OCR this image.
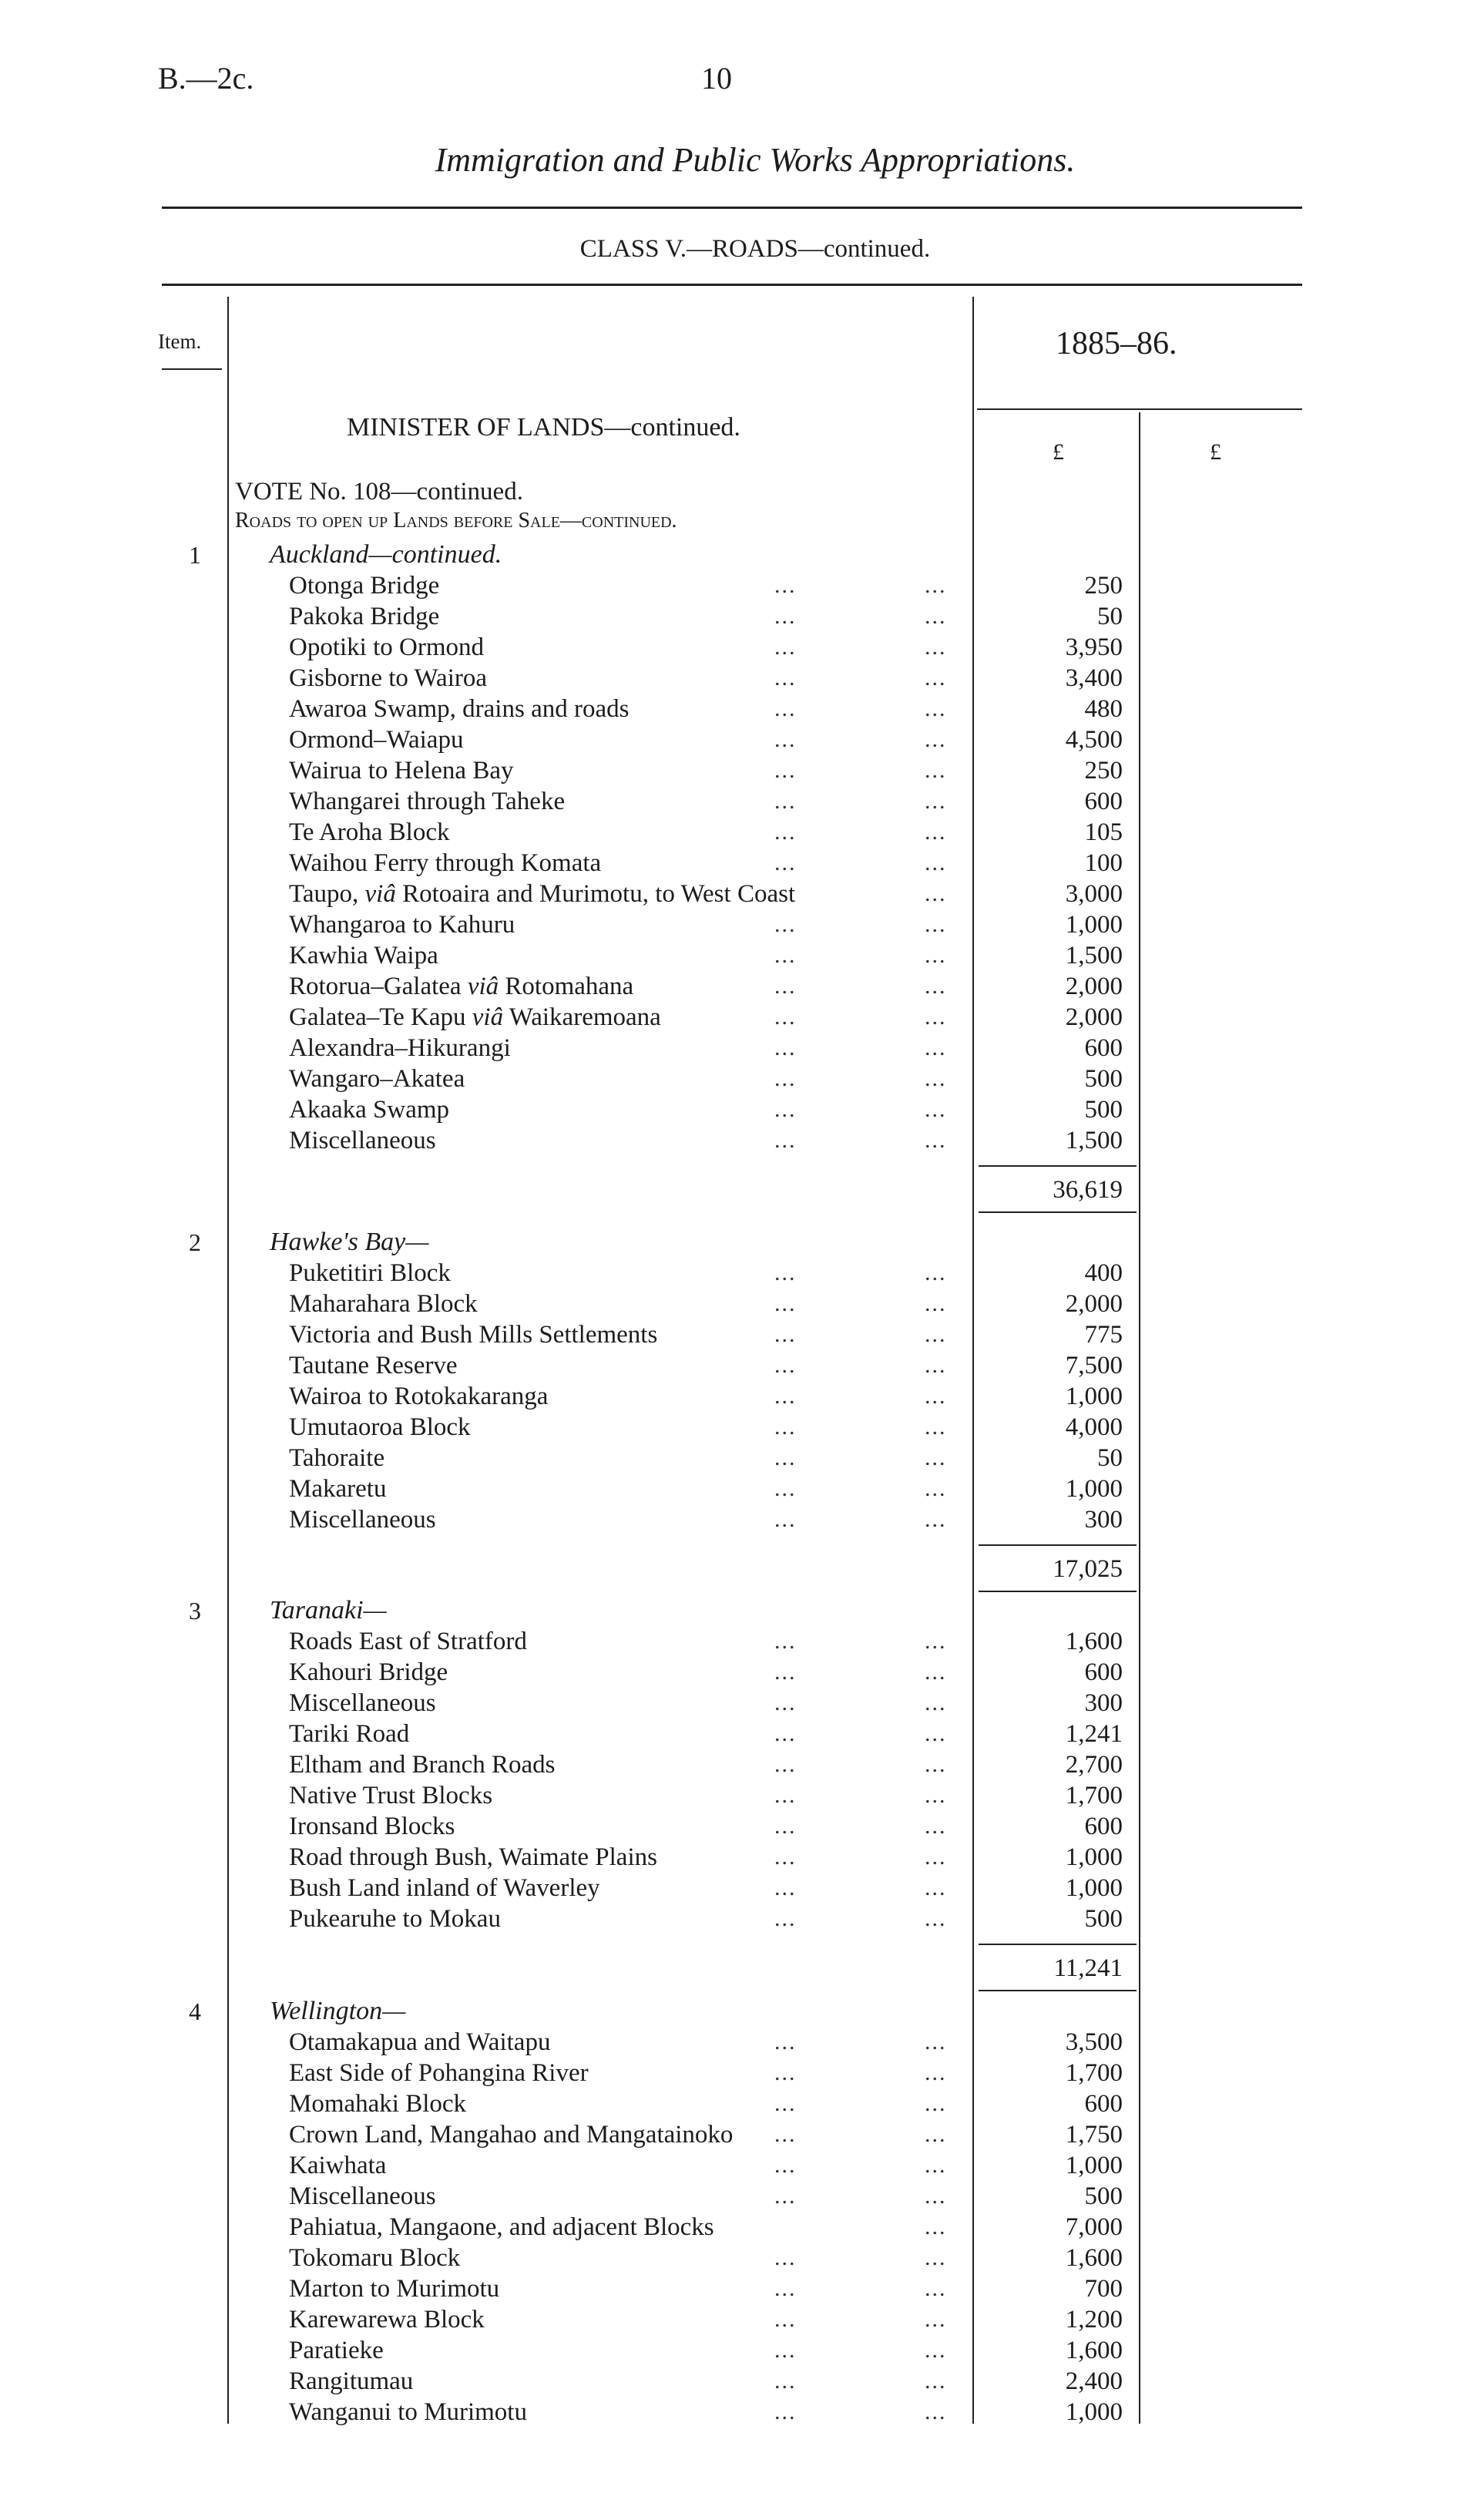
B.—2c.	10
Immigration and Public Works Appropriations.
CLASS V.—ROADS—continued.
Item.	1885–86.
£	£
MINISTER OF LANDS—continued.
VOTE No. 108—continued.
Roads to open up Lands before Sale—continued.
1	Auckland—continued.
Otonga Bridge	...	...	250
Pakoka Bridge	...	...	50
Opotiki to Ormond	...	...	3,950
Gisborne to Wairoa	...	...	3,400
Awaroa Swamp, drains and roads	...	...	480
Ormond–Waiapu	...	...	4,500
Wairua to Helena Bay	...	...	250
Whangarei through Taheke	...	...	600
Te Aroha Block	...	...	105
Waihou Ferry through Komata	...	...	100
Taupo, viâ Rotoaira and Murimotu, to West Coast	...	3,000
Whangaroa to Kahuru	...	...	1,000
Kawhia Waipa	...	...	1,500
Rotorua–Galatea viâ Rotomahana	...	...	2,000
Galatea–Te Kapu viâ Waikaremoana	...	...	2,000
Alexandra–Hikurangi	...	...	600
Wangaro–Akatea	...	...	500
Akaaka Swamp	...	...	500
Miscellaneous	...	...	1,500
36,619
2	Hawke's Bay—
Puketitiri Block	...	...	400
Maharahara Block	...	...	2,000
Victoria and Bush Mills Settlements	...	...	775
Tautane Reserve	...	...	7,500
Wairoa to Rotokakaranga	...	...	1,000
Umutaoroa Block	...	...	4,000
Tahoraite	...	...	50
Makaretu	...	...	1,000
Miscellaneous	...	...	300
17,025
3	Taranaki—
Roads East of Stratford	...	...	1,600
Kahouri Bridge	...	...	600
Miscellaneous	...	...	300
Tariki Road	...	...	1,241
Eltham and Branch Roads	...	...	2,700
Native Trust Blocks	...	...	1,700
Ironsand Blocks	...	...	600
Road through Bush, Waimate Plains	...	...	1,000
Bush Land inland of Waverley	...	...	1,000
Pukearuhe to Mokau	...	...	500
11,241
4	Wellington—
Otamakapua and Waitapu	...	...	3,500
East Side of Pohangina River	...	...	1,700
Momahaki Block	...	...	600
Crown Land, Mangahao and Mangatainoko ...	...	1,750
Kaiwhata	...	...	1,000
Miscellaneous	...	...	500
Pahiatua, Mangaone, and adjacent Blocks	...	7,000
Tokomaru Block	...	...	1,600
Marton to Murimotu	...	...	700
Karewarewa Block	...	...	1,200
Paratieke	...	...	1,600
Rangitumau	...	...	2,400
Wanganui to Murimotu	...	...	1,000
